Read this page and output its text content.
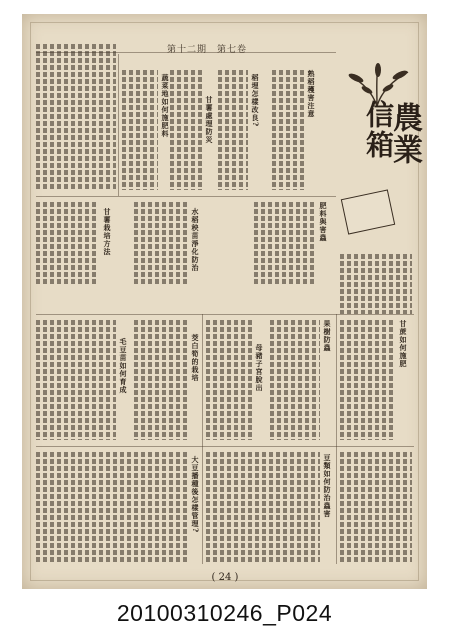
第十二期 第七卷
農業
信箱
熟稻穫害注意
稻埋怎樣改良?
甘薯處理防災
蔬菜地如何施肥料
肥料與害蟲
水稻秧苗淨化防治
甘薯栽培方法
甘蔗如何施肥
果樹防蟲
母豬子宮脫出
茭白筍的栽培
毛豆苗如何育成
豆類如何防治蟲害
大豆播種後怎樣管理?
( 24 )
20100310246_P024
